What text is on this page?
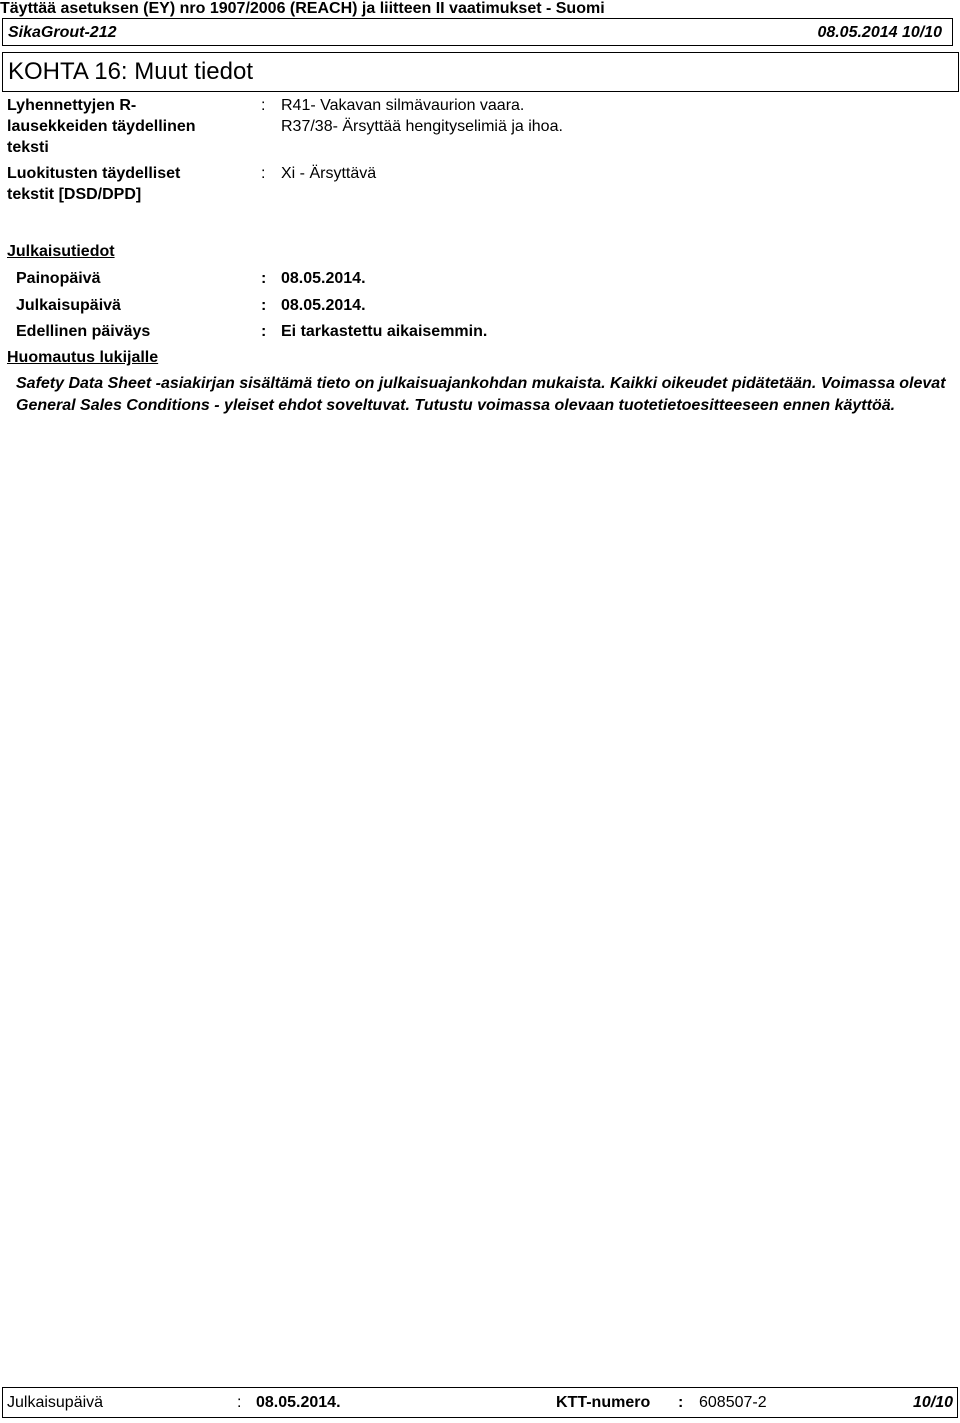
Täyttää asetuksen (EY) nro 1907/2006 (REACH) ja liitteen II vaatimukset - Suomi
SikaGrout-212	08.05.2014 10/10
KOHTA 16: Muut tiedot
Lyhennettyjen R-
lausekkeiden täydellinen
teksti
: R41- Vakavan silmävaurion vaara.
R37/38- Ärsyttää hengityselimiä ja ihoa.
Luokitusten täydelliset
tekstit [DSD/DPD]
: Xi - Ärsyttävä
Julkaisutiedot
Painopäivä	: 08.05.2014.
Julkaisupäivä	: 08.05.2014.
Edellinen päiväys	: Ei tarkastettu aikaisemmin.
Huomautus lukijalle
Safety Data Sheet -asiakirjan sisältämä tieto on julkaisuajankohdan mukaista. Kaikki oikeudet pidätetään. Voimassa olevat General Sales Conditions - yleiset ehdot soveltuvat. Tutustu voimassa olevaan tuotetietoesitteeseen ennen käyttöä.
Julkaisupäivä	: 08.05.2014.	KTT-numero : 608507-2	10/10
